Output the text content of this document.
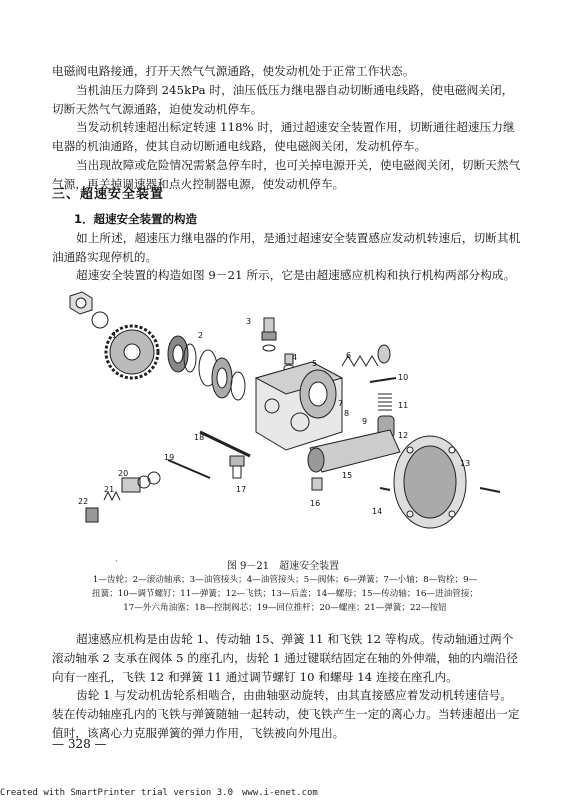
电磁阀电路接通，打开天然气气源通路，使发动机处于正常工作状态。

当机油压力降到 245kPa 时，油压低压力继电器自动切断通电线路，使电磁阀关闭，切断天然气气源通路，迫使发动机停车。

当发动机转速超出标定转速 118% 时，通过超速安全装置作用，切断通往超速压力继电器的机油通路，使其自动切断通电线路，使电磁阀关闭，发动机停车。

当出现故障或危险情况需紧急停车时，也可关掉电源开关，使电磁阀关闭，切断天然气气源，再关掉调速器和点火控制器电源，使发动机停车。

三、超速安全装置
1．超速安全装置的构造

如上所述，超速压力继电器的作用，是通过超速安全装置感应发动机转速后，切断其机油通路实现停机的。

超速安全装置的构造如图 9－21 所示，它是由超速感应机构和执行机构两部分构成。

1	2
3
4
5
6
7
8
9
10
11
12
13
14
15
16
17
18
19
20
21
22
·	图 9－21　超速安全装置
1—齿轮；2—滚动轴承；3—油管接头；4—油管接头；5—阀体；6—弹簧；7—小轴；8—钩栓；9—
扭簧；10—调节螺钉；11—弹簧；12—飞铁；13—后盖；14—螺母；15—传动轴；16—进油管接；
17—外六角油塞；18—控制阀芯；19—回位推杆；20—螺座；21—弹簧；22—按钮

超速感应机构是由齿轮 1、传动轴 15、弹簧 11 和飞铁 12 等构成。传动轴通过两个滚动轴承 2 支承在阀体 5 的座孔内，齿轮 1 通过键联结固定在轴的外伸端，轴的内端沿径向有一座孔，飞铁 12 和弹簧 11 通过调节螺钉 10 和螺母 14 连接在座孔内。

齿轮 1 与发动机齿轮系相啮合，由曲轴驱动旋转，由其直接感应着发动机转速信号。装在传动轴座孔内的飞铁与弹簧随轴一起转动，使飞铁产生一定的离心力。当转速超出一定值时，该离心力克服弹簧的弹力作用，飞铁被向外甩出。

— 328 —
Created with SmartPrinter trial version 3.0　www.i-enet.com
